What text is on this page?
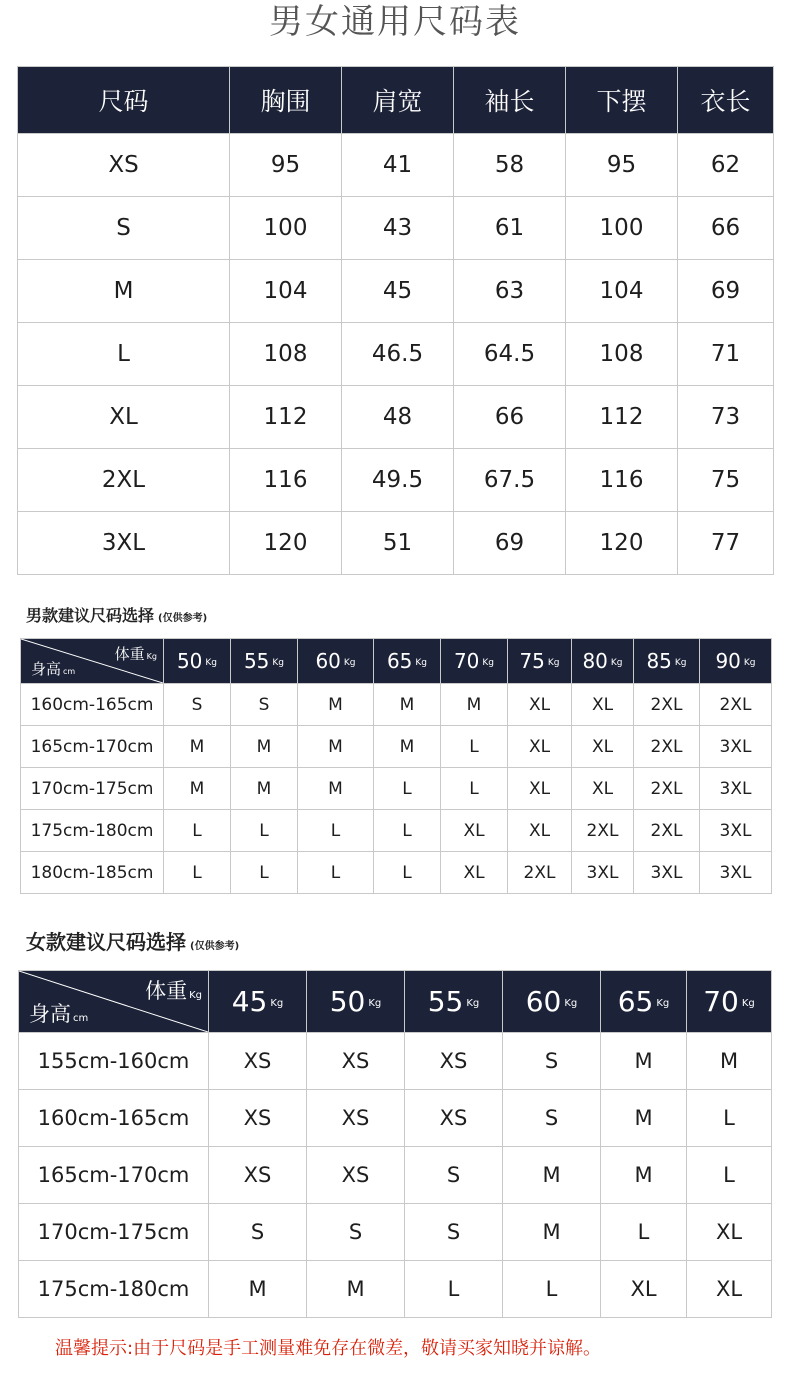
男女通用尺码表
尺码	胸围	肩宽	袖长	下摆	衣长
XS	95	41	58	95	62
S	100	43	61	100	66
M	104	45	63	104	69
L	108	46.5	64.5	108	71
XL	112	48	66	112	73
2XL	116	49.5	67.5	116	75
3XL	120	51	69	120	77
男款建议尺码选择 (仅供参考)
体重 Kg
身高 cm	50 Kg	55 Kg	60 Kg	65 Kg	70 Kg	75 Kg	80 Kg	85 Kg	90 Kg
160cm-165cm	S	S	M	M	M	XL	XL	2XL	2XL
165cm-170cm	M	M	M	M	L	XL	XL	2XL	3XL
170cm-175cm	M	M	M	L	L	XL	XL	2XL	3XL
175cm-180cm	L	L	L	L	XL	XL	2XL	2XL	3XL
180cm-185cm	L	L	L	L	XL	2XL	3XL	3XL	3XL
女款建议尺码选择 (仅供参考)
体重 Kg
身高 cm	45 Kg	50 Kg	55 Kg	60 Kg	65 Kg	70 Kg
155cm-160cm	XS	XS	XS	S	M	M
160cm-165cm	XS	XS	XS	S	M	L
165cm-170cm	XS	XS	S	M	M	L
170cm-175cm	S	S	S	M	L	XL
175cm-180cm	M	M	L	L	XL	XL
温馨提示:由于尺码是手工测量难免存在微差，敬请买家知晓并谅解。
